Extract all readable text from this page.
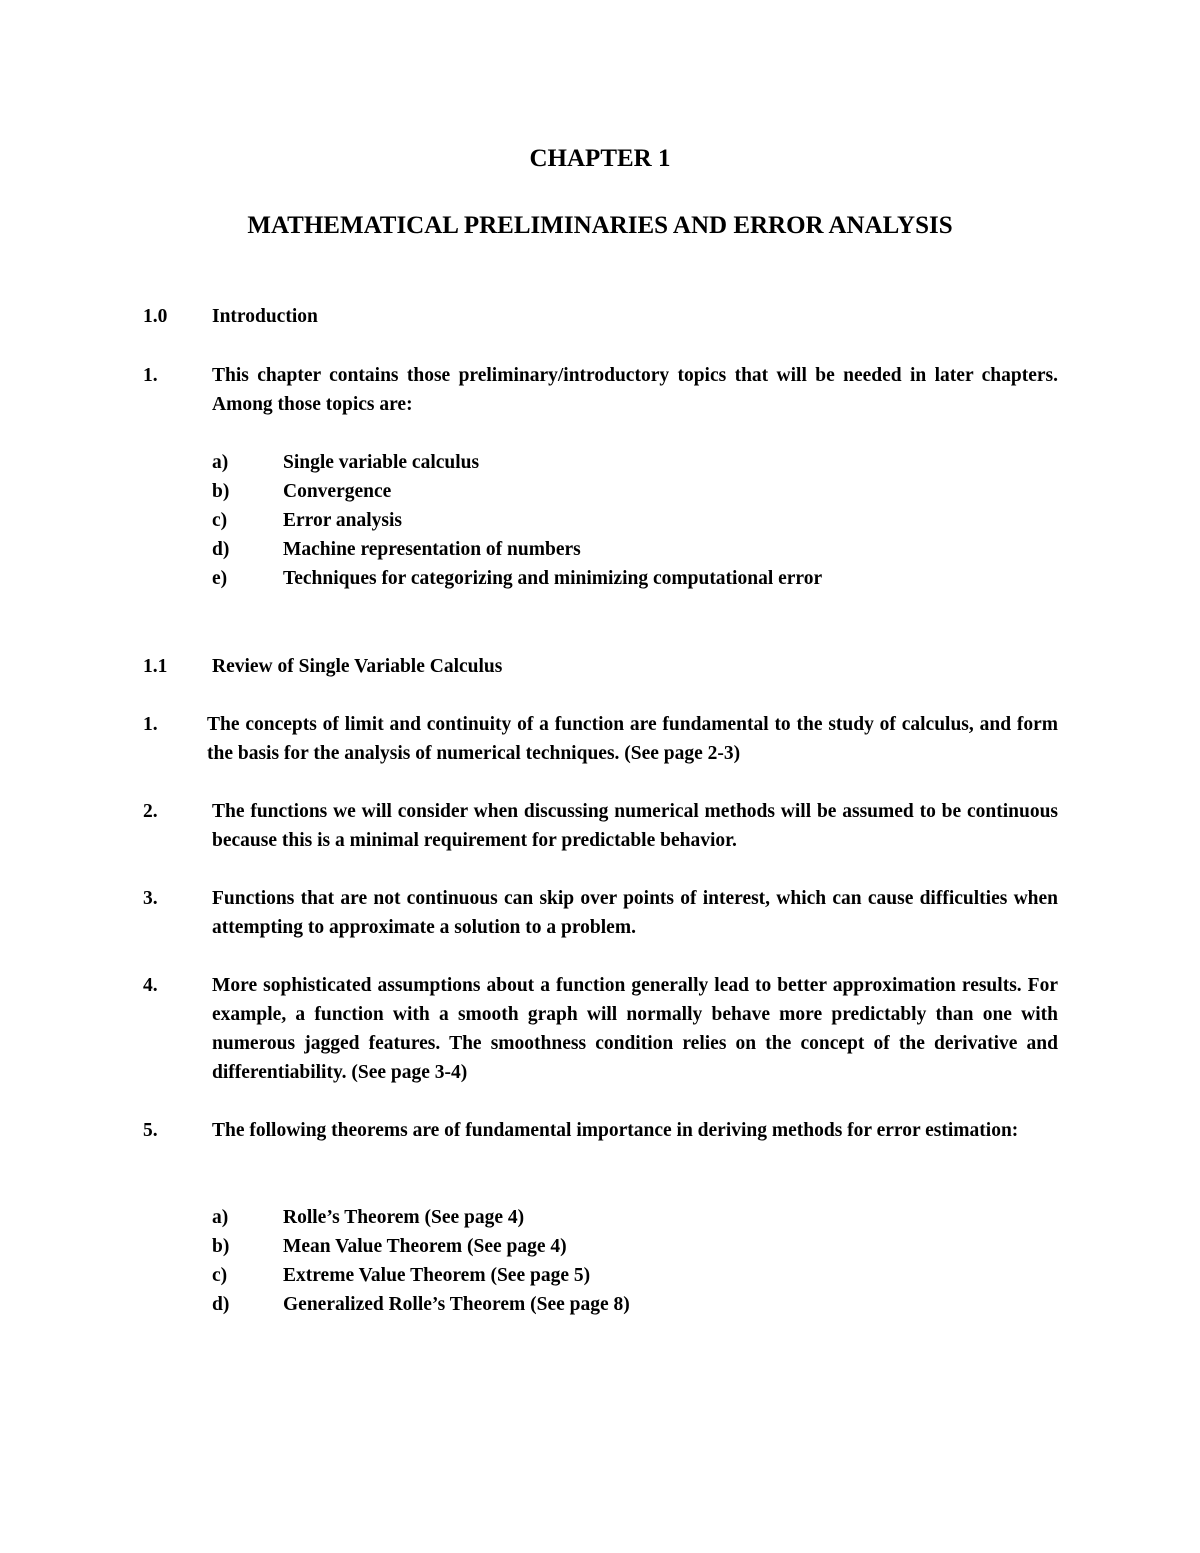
CHAPTER 1
MATHEMATICAL PRELIMINARIES AND ERROR ANALYSIS
1.0 Introduction
1.	This chapter contains those preliminary/introductory topics that will be needed in later chapters. Among those topics are:
a)	Single variable calculus
b)	Convergence
c)	Error analysis
d)	Machine representation of numbers
e)	Techniques for categorizing and minimizing computational error
1.1 Review of Single Variable Calculus
1.	The concepts of limit and continuity of a function are fundamental to the study of calculus, and form the basis for the analysis of numerical techniques. (See page 2-3)
2.	The functions we will consider when discussing numerical methods will be assumed to be continuous because this is a minimal requirement for predictable behavior.
3.	Functions that are not continuous can skip over points of interest, which can cause difficulties when attempting to approximate a solution to a problem.
4.	More sophisticated assumptions about a function generally lead to better approximation results. For example, a function with a smooth graph will normally behave more predictably than one with numerous jagged features. The smoothness condition relies on the concept of the derivative and differentiability. (See page 3-4)
5.	The following theorems are of fundamental importance in deriving methods for error estimation:
a)	Rolle’s Theorem (See page 4)
b)	Mean Value Theorem (See page 4)
c)	Extreme Value Theorem (See page 5)
d)	Generalized Rolle’s Theorem (See page 8)
